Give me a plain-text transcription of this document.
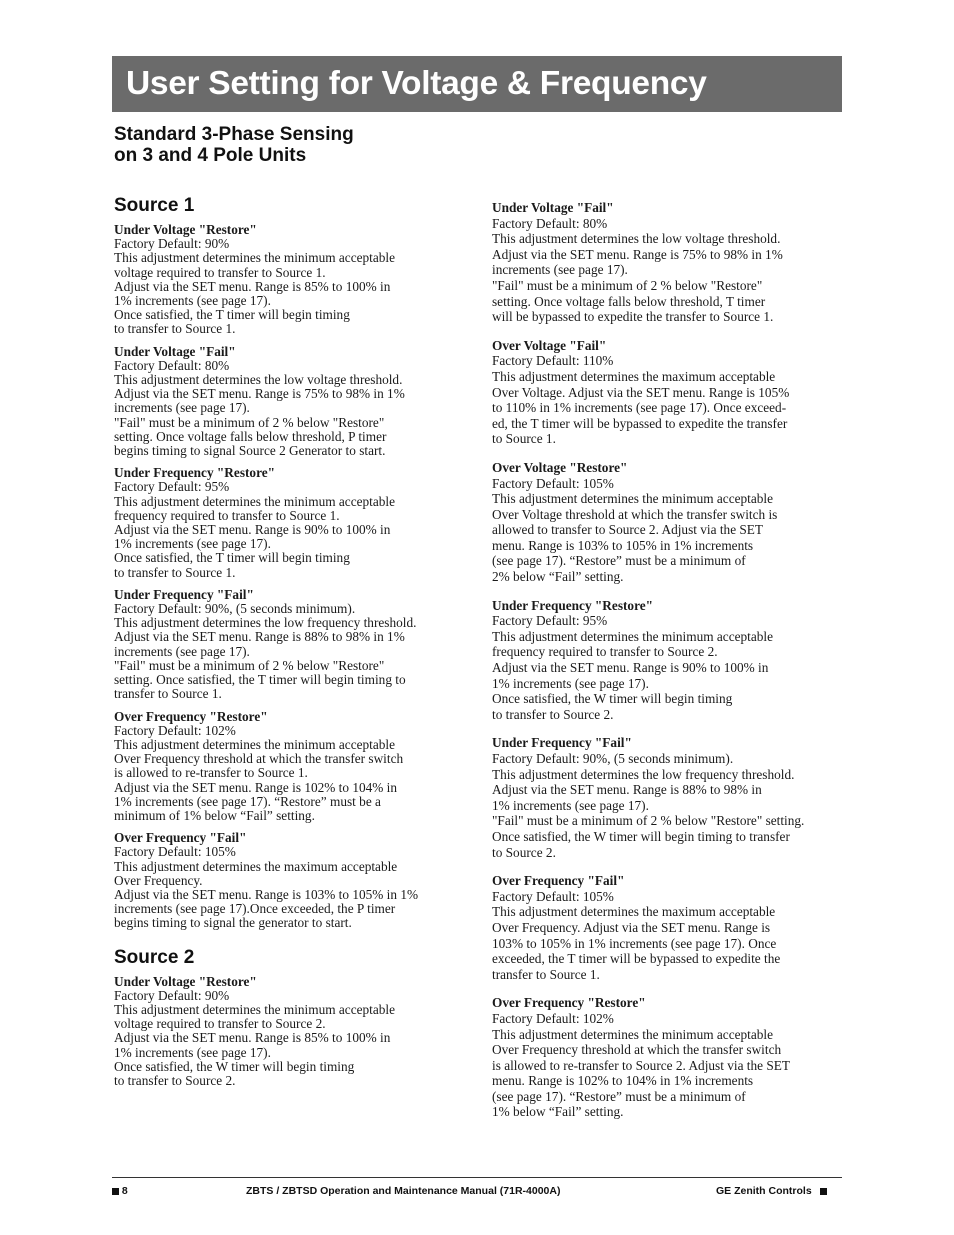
User Setting for Voltage & Frequency
Standard 3-Phase Sensing
on 3 and 4 Pole Units
Source 1
Under Voltage "Restore"
Factory Default: 90%
This adjustment determines the minimum acceptable
voltage required to transfer to Source 1.
Adjust via the SET menu. Range is 85% to 100% in
1% increments (see page 17).
Once satisfied, the T timer will begin timing
to transfer to Source 1.
Under Voltage "Fail"
Factory Default: 80%
This adjustment determines the low voltage threshold.
Adjust via the SET menu. Range is 75% to 98% in 1%
increments (see page 17).
"Fail" must be a minimum of 2 % below "Restore"
setting. Once voltage falls below threshold, P timer
begins timing to signal Source 2 Generator to start.
Under Frequency "Restore"
Factory Default: 95%
This adjustment determines the minimum acceptable
frequency required to transfer to Source 1.
Adjust via the SET menu. Range is 90% to 100% in
1% increments (see page 17).
Once satisfied, the T timer will begin timing
to transfer to Source 1.
Under Frequency "Fail"
Factory Default: 90%, (5 seconds minimum).
This adjustment determines the low frequency threshold.
Adjust via the SET menu. Range is 88% to 98% in 1%
increments (see page 17).
"Fail" must be a minimum of 2 % below "Restore"
setting. Once satisfied, the T timer will begin timing to
transfer to Source 1.
Over Frequency "Restore"
Factory Default: 102%
This adjustment determines the minimum acceptable
Over Frequency threshold at which the transfer switch
is allowed to re-transfer to Source 1.
Adjust via the SET menu. Range is 102% to 104% in
1% increments (see page 17). “Restore” must be a
minimum of 1% below “Fail” setting.
Over Frequency "Fail"
Factory Default: 105%
This adjustment determines the maximum acceptable
Over Frequency.
Adjust via the SET menu. Range is 103% to 105% in 1%
increments (see page 17).Once exceeded, the P timer
begins timing to signal the generator to start.
Source 2
Under Voltage "Restore"
Factory Default: 90%
This adjustment determines the minimum acceptable
voltage required to transfer to Source 2.
Adjust via the SET menu. Range is 85% to 100% in
1% increments (see page 17).
Once satisfied, the W timer will begin timing
to transfer to Source 2.
Under Voltage "Fail"
Factory Default: 80%
This adjustment determines the low voltage threshold.
Adjust via the SET menu. Range is 75% to 98% in 1%
increments (see page 17).
"Fail" must be a minimum of 2 % below "Restore"
setting. Once voltage falls below threshold, T timer
will be bypassed to expedite the transfer to Source 1.
Over Voltage "Fail"
Factory Default: 110%
This adjustment determines the maximum acceptable
Over Voltage. Adjust via the SET menu. Range is 105%
to 110% in 1% increments (see page 17). Once exceed-
ed, the T timer will be bypassed to expedite the transfer
to Source 1.
Over Voltage "Restore"
Factory Default: 105%
This adjustment determines the minimum acceptable
Over Voltage threshold at which the transfer switch is
allowed to transfer to Source 2. Adjust via the SET
menu. Range is 103% to 105% in 1% increments
(see page 17). “Restore” must be a minimum of
2% below “Fail” setting.
Under Frequency "Restore"
Factory Default: 95%
This adjustment determines the minimum acceptable
frequency required to transfer to Source 2.
Adjust via the SET menu. Range is 90% to 100% in
1% increments (see page 17).
Once satisfied, the W timer will begin timing
to transfer to Source 2.
Under Frequency "Fail"
Factory Default: 90%, (5 seconds minimum).
This adjustment determines the low frequency threshold.
Adjust via the SET menu. Range is 88% to 98% in
1% increments (see page 17).
"Fail" must be a minimum of 2 % below "Restore" setting.
Once satisfied, the W timer will begin timing to transfer
to Source 2.
Over Frequency "Fail"
Factory Default: 105%
This adjustment determines the maximum acceptable
Over Frequency. Adjust via the SET menu. Range is
103% to 105% in 1% increments (see page 17). Once
exceeded, the T timer will be bypassed to expedite the
transfer to Source 1.
Over Frequency "Restore"
Factory Default: 102%
This adjustment determines the minimum acceptable
Over Frequency threshold at which the transfer switch
is allowed to re-transfer to Source 2. Adjust via the SET
menu. Range is 102% to 104% in 1% increments
(see page 17). “Restore” must be a minimum of
1% below “Fail” setting.
8	ZBTS / ZBTSD Operation and Maintenance Manual (71R-4000A)	GE Zenith Controls
